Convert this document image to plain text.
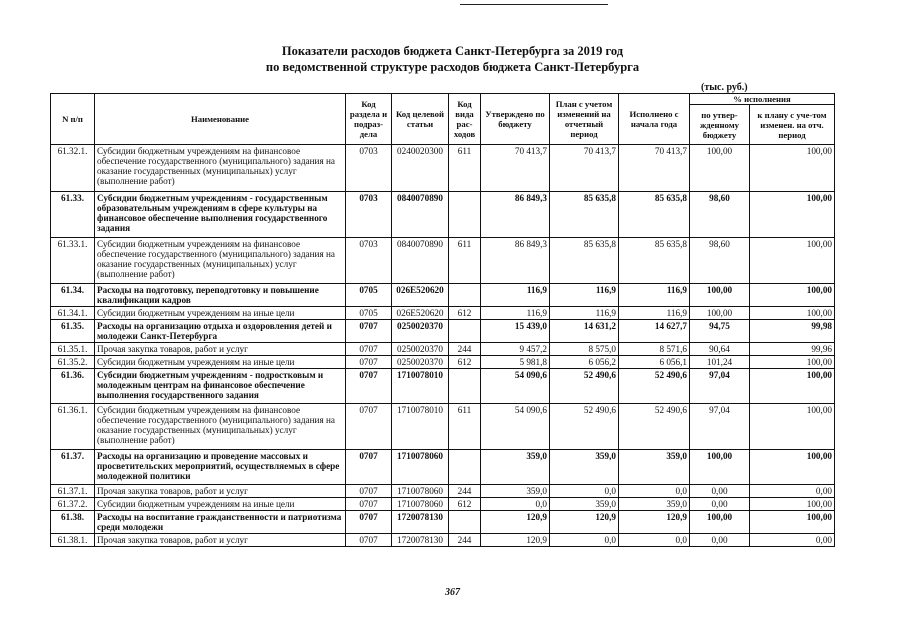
Показатели расходов бюджета Санкт-Петербурга за 2019 год
по ведомственной структуре расходов бюджета Санкт-Петербурга
(тыс. руб.)
N п/п	Наименование	Код раздела и подраз-дела	Код целевой статьи	Код вида рас-ходов	Утверждено по бюджету	План с учетом изменений на отчетный период	Исполнено с начала года	% исполнения	
								по утвер-жденному бюджету	к плану с уче-том изменен. на отч. период
61.32.1.	Субсидии бюджетным учреждениям на финансовое обеспечение государственного (муниципального) задания на оказание государственных (муниципальных) услуг (выполнение работ)	0703	0240020300	611	70 413,7	70 413,7	70 413,7	100,00	100,00
61.33.	Субсидии бюджетным учреждениям - государственным образовательным учреждениям в сфере культуры на финансовое обеспечение выполнения государственного задания	0703	0840070890		86 849,3	85 635,8	85 635,8	98,60	100,00
61.33.1.	Субсидии бюджетным учреждениям на финансовое обеспечение государственного (муниципального) задания на оказание государственных (муниципальных) услуг (выполнение работ)	0703	0840070890	611	86 849,3	85 635,8	85 635,8	98,60	100,00
61.34.	Расходы на подготовку, переподготовку и повышение квалификации кадров	0705	026E520620		116,9	116,9	116,9	100,00	100,00
61.34.1.	Субсидии бюджетным учреждениям на иные цели	0705	026E520620	612	116,9	116,9	116,9	100,00	100,00
61.35.	Расходы на организацию отдыха и оздоровления детей и молодежи Санкт-Петербурга	0707	0250020370		15 439,0	14 631,2	14 627,7	94,75	99,98
61.35.1.	Прочая закупка товаров, работ и услуг	0707	0250020370	244	9 457,2	8 575,0	8 571,6	90,64	99,96
61.35.2.	Субсидии бюджетным учреждениям на иные цели	0707	0250020370	612	5 981,8	6 056,2	6 056,1	101,24	100,00
61.36.	Субсидии бюджетным учреждениям - подростковым и молодежным центрам на финансовое обеспечение выполнения государственного задания	0707	1710078010		54 090,6	52 490,6	52 490,6	97,04	100,00
61.36.1.	Субсидии бюджетным учреждениям на финансовое обеспечение государственного (муниципального) задания на оказание государственных (муниципальных) услуг (выполнение работ)	0707	1710078010	611	54 090,6	52 490,6	52 490,6	97,04	100,00
61.37.	Расходы на организацию и проведение массовых и просветительских мероприятий, осуществляемых в сфере молодежной политики	0707	1710078060		359,0	359,0	359,0	100,00	100,00
61.37.1.	Прочая закупка товаров, работ и услуг	0707	1710078060	244	359,0	0,0	0,0	0,00	0,00
61.37.2.	Субсидии бюджетным учреждениям на иные цели	0707	1710078060	612	0,0	359,0	359,0	0,00	100,00
61.38.	Расходы на воспитание гражданственности и патриотизма среди молодежи	0707	1720078130		120,9	120,9	120,9	100,00	100,00
61.38.1.	Прочая закупка товаров, работ и услуг	0707	1720078130	244	120,9	0,0	0,0	0,00	0,00
367
